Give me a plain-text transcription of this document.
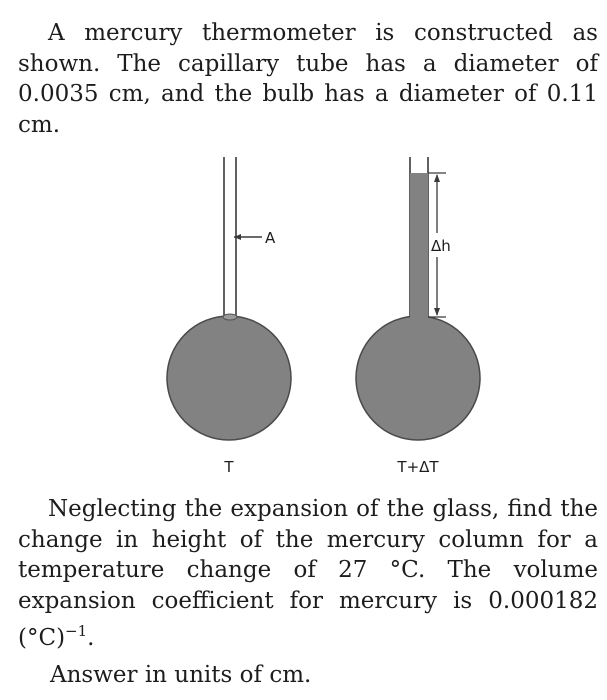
A mercury thermometer is constructed as shown. The capillary tube has a diameter of 0.0035 cm, and the bulb has a diameter of 0.11 cm.

A
T
Δh
T+ΔT

Neglecting the expansion of the glass, find the change in height of the mercury column for a temperature change of 27 °C. The volume expansion coefficient for mercury is 0.000182 $(^\circ C)^{-1}$.

Answer in units of cm.
